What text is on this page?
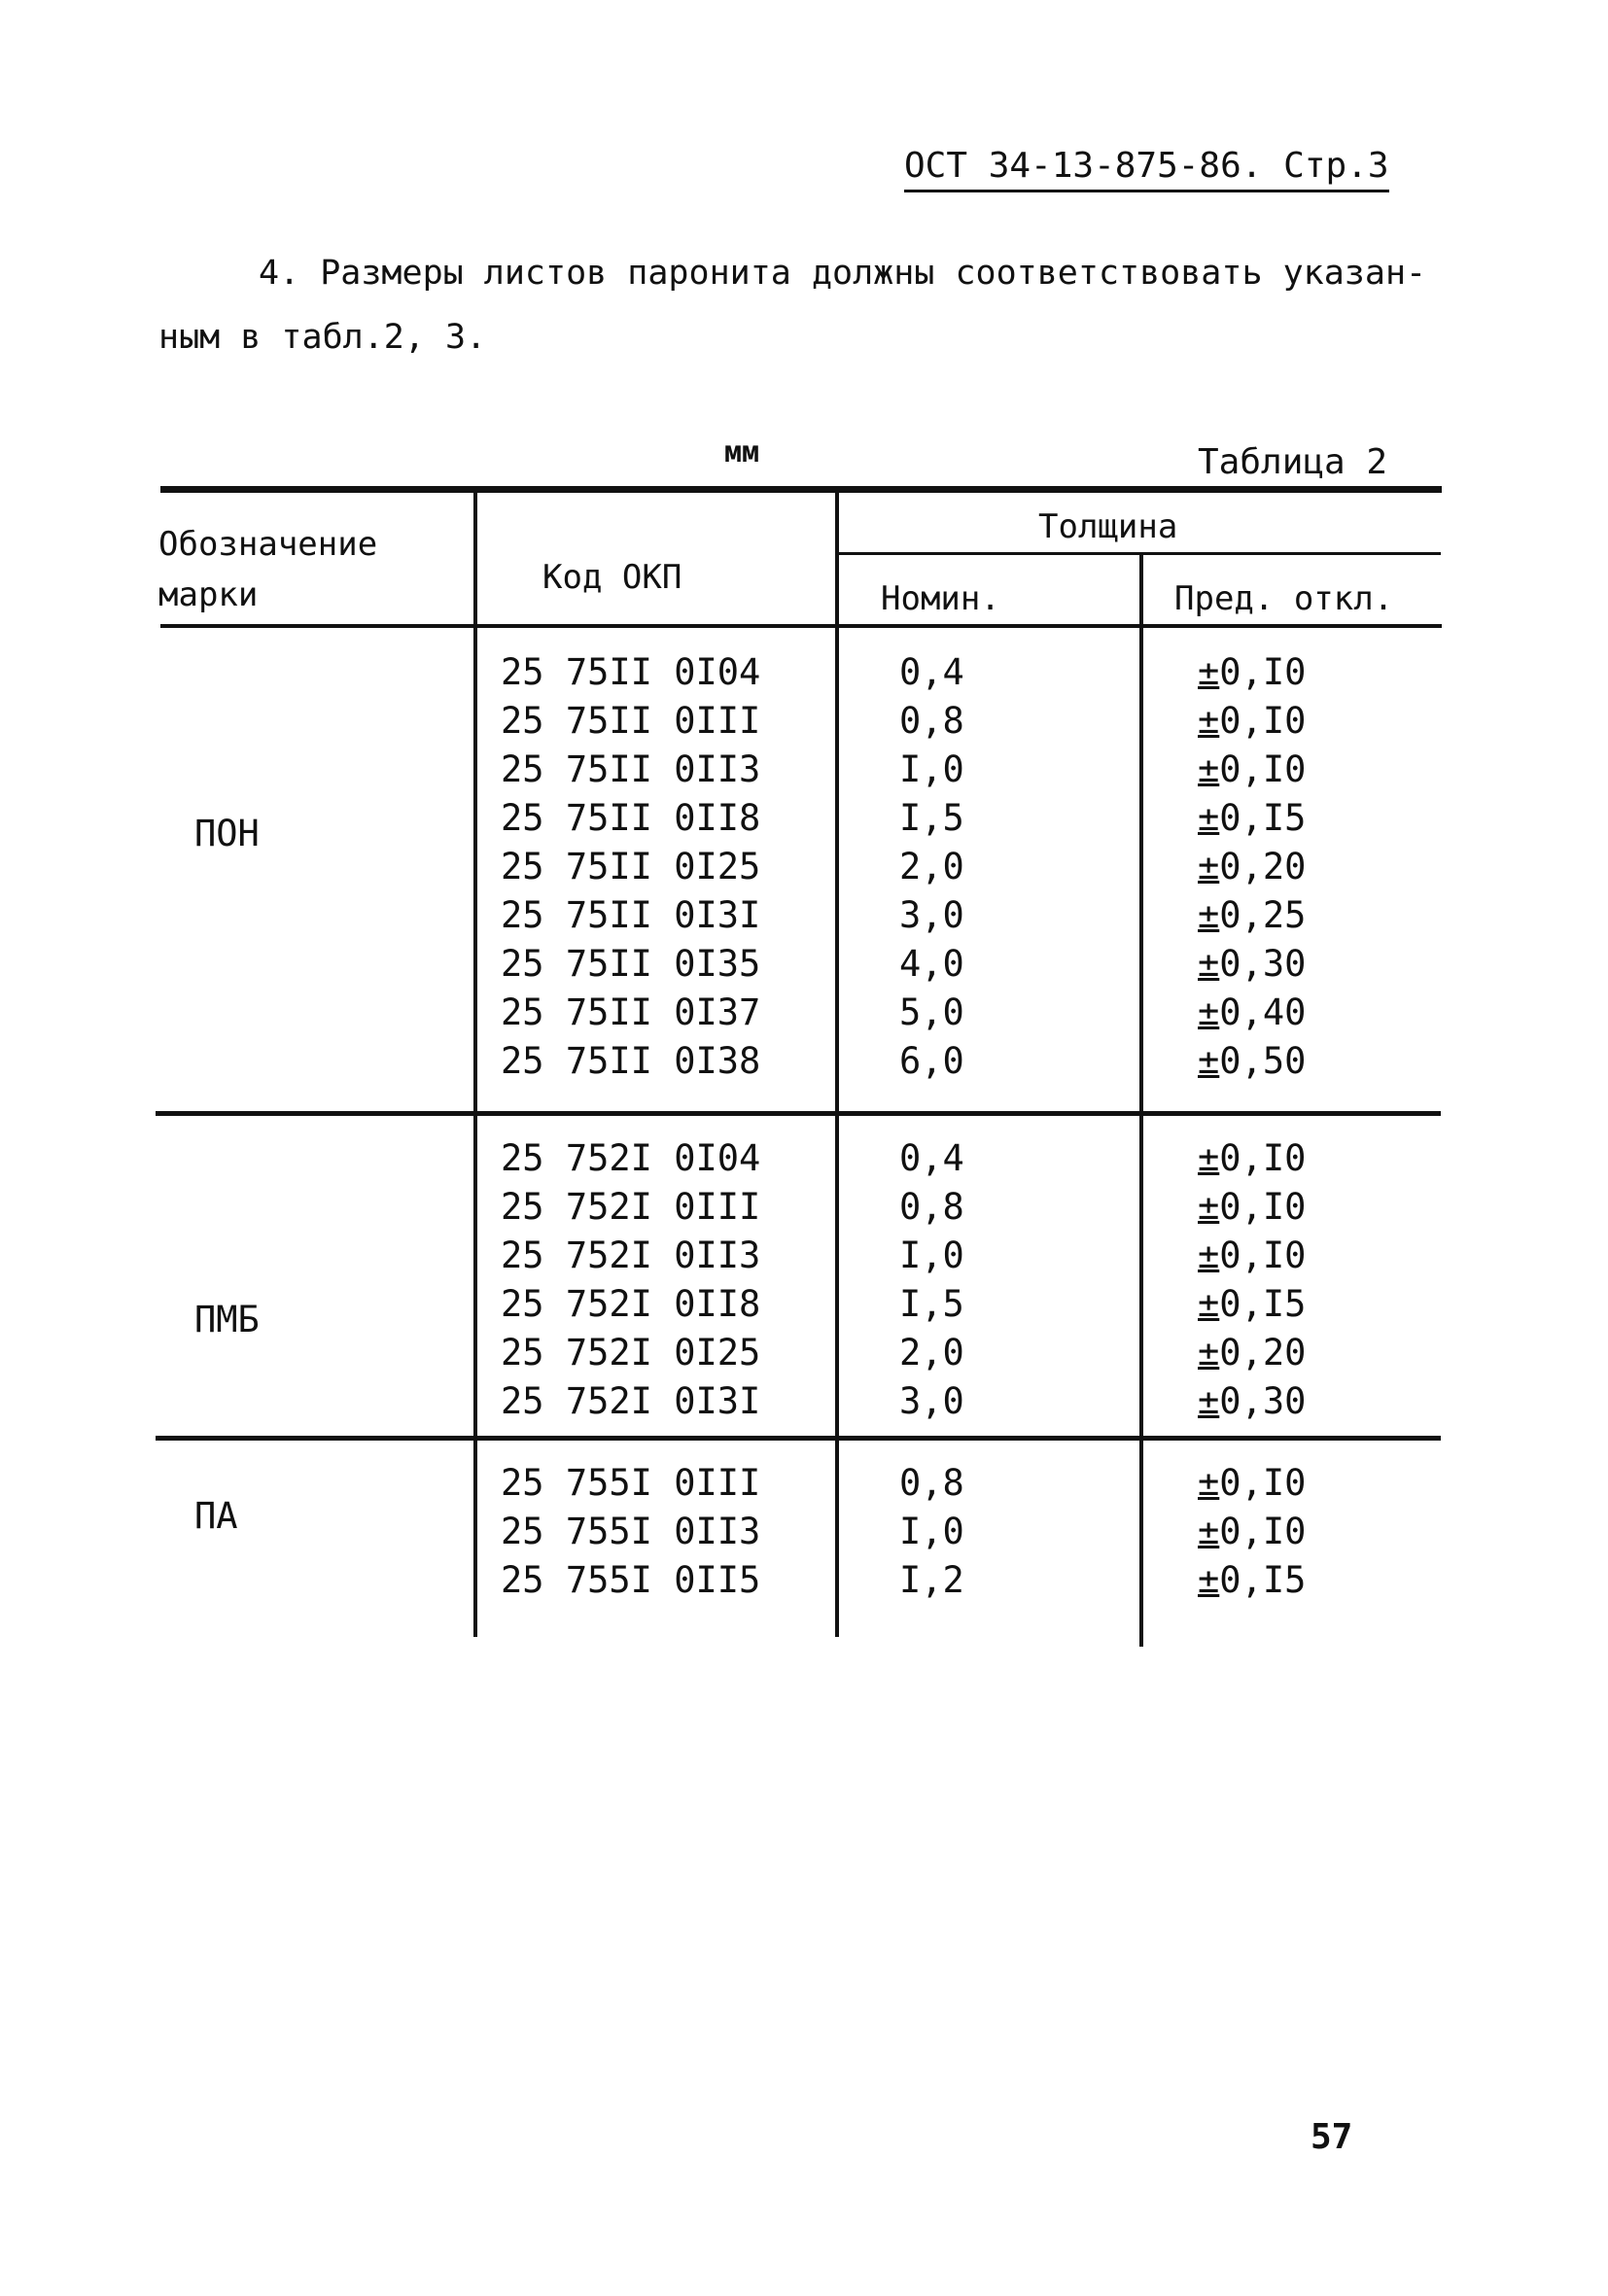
ОСТ 34-13-875-86. Стр.3
4. Размеры листов паронита должны соответствовать указан-
ным в табл.2, 3.
мм	Таблица 2
Обозначение
марки	Код ОКП
Толщина
Номин.	Пред. откл.
ПОН
25 75II 0I04	0,4	±0,I0
25 75II 0III	0,8	±0,I0
25 75II 0II3	I,0	±0,I0
25 75II 0II8	I,5	±0,I5
25 75II 0I25	2,0	±0,20
25 75II 0I3I	3,0	±0,25
25 75II 0I35	4,0	±0,30
25 75II 0I37	5,0	±0,40
25 75II 0I38	6,0	±0,50
ПМБ
25 752I 0I04	0,4	±0,I0
25 752I 0III	0,8	±0,I0
25 752I 0II3	I,0	±0,I0
25 752I 0II8	I,5	±0,I5
25 752I 0I25	2,0	±0,20
25 752I 0I3I	3,0	±0,30
ПА
25 755I 0III	0,8	±0,I0
25 755I 0II3	I,0	±0,I0
25 755I 0II5	I,2	±0,I5
57
